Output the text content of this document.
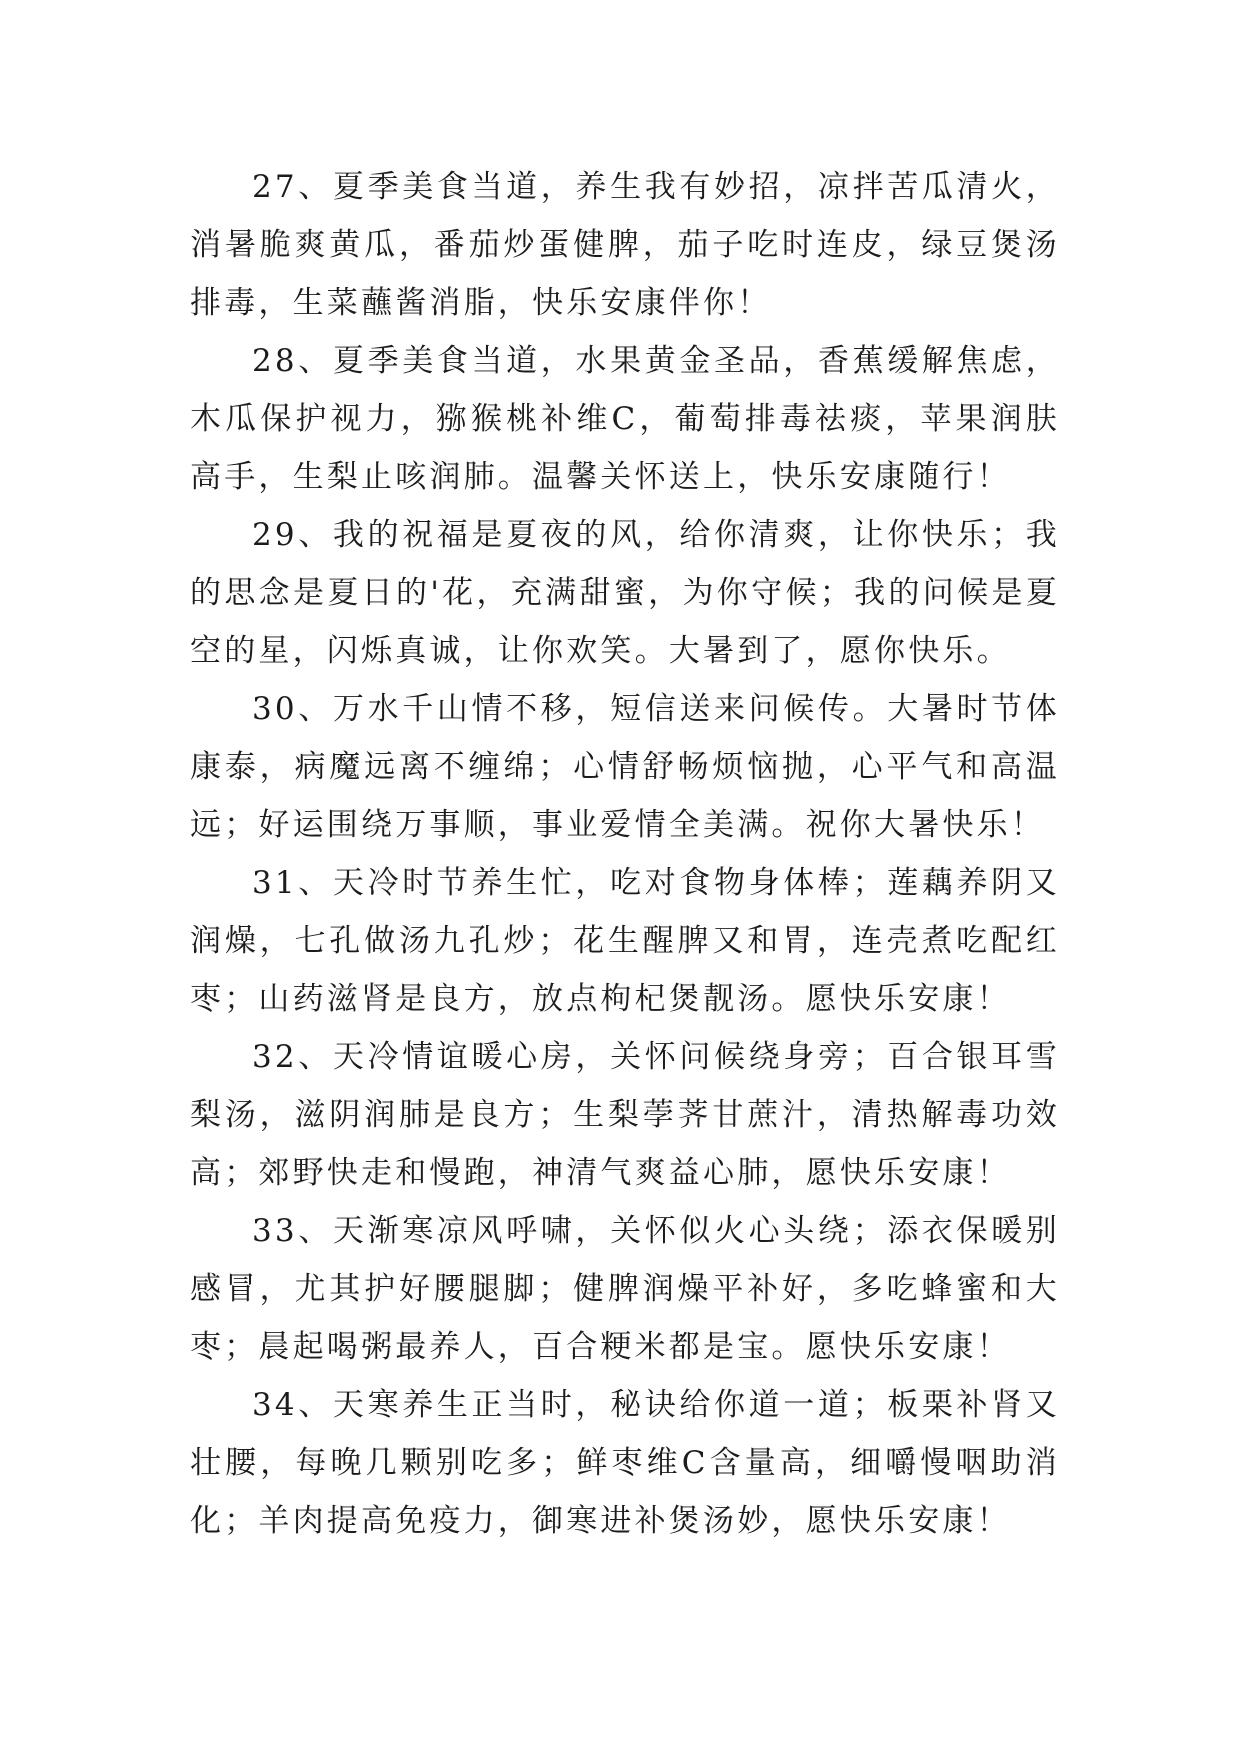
27、夏季美食当道，养生我有妙招，凉拌苦瓜清火，消暑脆爽黄瓜，番茄炒蛋健脾，茄子吃时连皮，绿豆煲汤排毒，生菜蘸酱消脂，快乐安康伴你！

28、夏季美食当道，水果黄金圣品，香蕉缓解焦虑，木瓜保护视力，猕猴桃补维C，葡萄排毒祛痰，苹果润肤高手，生梨止咳润肺。温馨关怀送上，快乐安康随行！

29、我的祝福是夏夜的风，给你清爽，让你快乐；我的思念是夏日的'花，充满甜蜜，为你守候；我的问候是夏空的星，闪烁真诚，让你欢笑。大暑到了，愿你快乐。

30、万水千山情不移，短信送来问候传。大暑时节体康泰，病魔远离不缠绵；心情舒畅烦恼抛，心平气和高温远；好运围绕万事顺，事业爱情全美满。祝你大暑快乐！

31、天冷时节养生忙，吃对食物身体棒；莲藕养阴又润燥，七孔做汤九孔炒；花生醒脾又和胃，连壳煮吃配红枣；山药滋肾是良方，放点枸杞煲靓汤。愿快乐安康！

32、天冷情谊暖心房，关怀问候绕身旁；百合银耳雪梨汤，滋阴润肺是良方；生梨荸荠甘蔗汁，清热解毒功效高；郊野快走和慢跑，神清气爽益心肺，愿快乐安康！

33、天渐寒凉风呼啸，关怀似火心头绕；添衣保暖别感冒，尤其护好腰腿脚；健脾润燥平补好，多吃蜂蜜和大枣；晨起喝粥最养人，百合粳米都是宝。愿快乐安康！

34、天寒养生正当时，秘诀给你道一道；板栗补肾又壮腰，每晚几颗别吃多；鲜枣维C含量高，细嚼慢咽助消化；羊肉提高免疫力，御寒进补煲汤妙，愿快乐安康！
